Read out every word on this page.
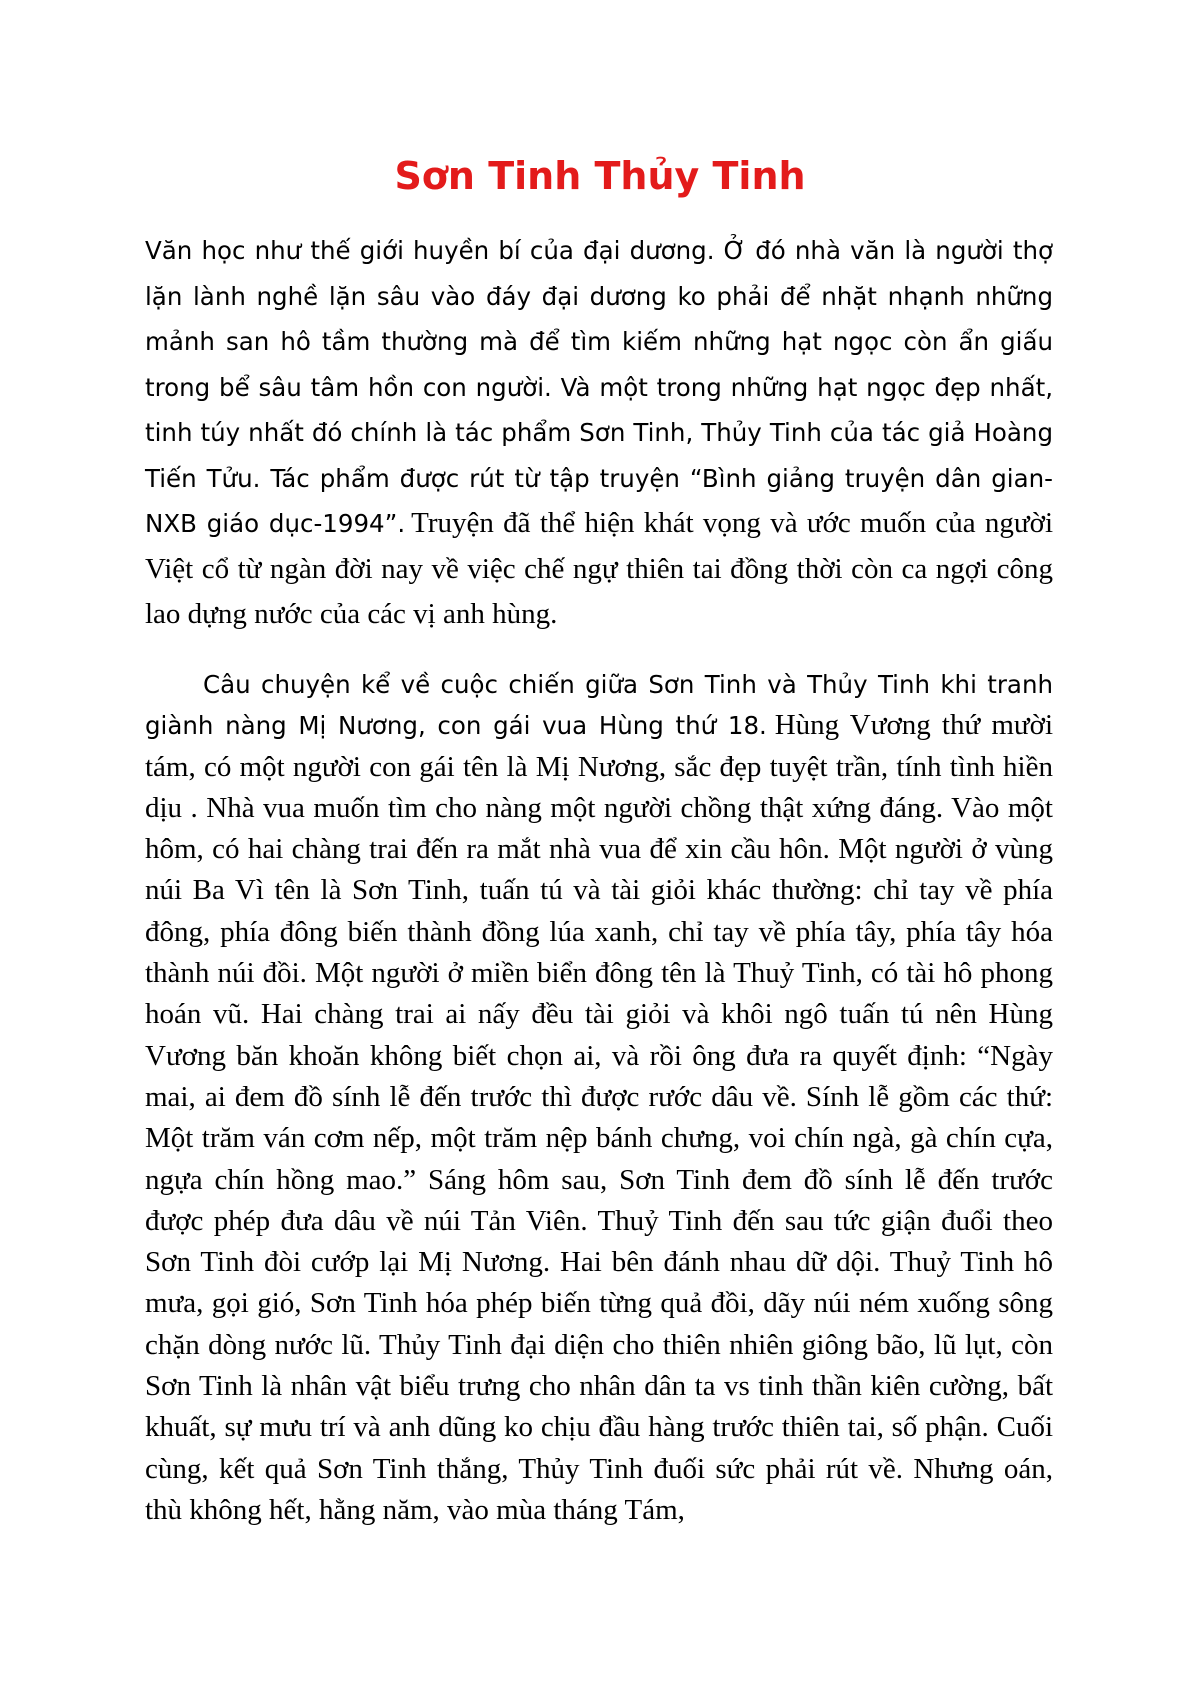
Sơn Tinh Thủy Tinh

Văn học như thế giới huyền bí của đại dương. Ở đó nhà văn là người thợ lặn lành nghề lặn sâu vào đáy đại dương ko phải để nhặt nhạnh những mảnh san hô tầm thường mà để tìm kiếm những hạt ngọc còn ẩn giấu trong bể sâu tâm hồn con người. Và một trong những hạt ngọc đẹp nhất, tinh túy nhất đó chính là tác phẩm Sơn Tinh, Thủy Tinh của tác giả Hoàng Tiến Tửu. Tác phẩm được rút từ tập truyện “Bình giảng truyện dân gian-NXB giáo dục-1994”. Truyện đã thể hiện khát vọng và ước muốn của người Việt cổ từ ngàn đời nay về việc chế ngự thiên tai đồng thời còn ca ngợi công lao dựng nước của các vị anh hùng.

Câu chuyện kể về cuộc chiến giữa Sơn Tinh và Thủy Tinh khi tranh giành nàng Mị Nương, con gái vua Hùng thứ 18. Hùng Vương thứ mười tám, có một người con gái tên là Mị Nương, sắc đẹp tuyệt trần, tính tình hiền dịu . Nhà vua muốn tìm cho nàng một người chồng thật xứng đáng. Vào một hôm, có hai chàng trai đến ra mắt nhà vua để xin cầu hôn. Một người ở vùng núi Ba Vì tên là Sơn Tinh, tuấn tú và tài giỏi khác thường: chỉ tay về phía đông, phía đông biến thành đồng lúa xanh, chỉ tay về phía tây, phía tây hóa thành núi đồi. Một người ở miền biển đông tên là Thuỷ Tinh, có tài hô phong hoán vũ. Hai chàng trai ai nấy đều tài giỏi và khôi ngô tuấn tú nên Hùng Vương băn khoăn không biết chọn ai, và rồi ông đưa ra quyết định: “Ngày mai, ai đem đồ sính lễ đến trước thì được rước dâu về. Sính lễ gồm các thứ: Một trăm ván cơm nếp, một trăm nệp bánh chưng, voi chín ngà, gà chín cựa, ngựa chín hồng mao.” Sáng hôm sau, Sơn Tinh đem đồ sính lễ đến trước được phép đưa dâu về núi Tản Viên. Thuỷ Tinh đến sau tức giận đuổi theo Sơn Tinh đòi cướp lại Mị Nương. Hai bên đánh nhau dữ dội. Thuỷ Tinh hô mưa, gọi gió, Sơn Tinh hóa phép biến từng quả đồi, dãy núi ném xuống sông chặn dòng nước lũ. Thủy Tinh đại diện cho thiên nhiên giông bão, lũ lụt, còn Sơn Tinh là nhân vật biểu trưng cho nhân dân ta vs tinh thần kiên cường, bất khuất, sự mưu trí và anh dũng ko chịu đầu hàng trước thiên tai, số phận. Cuối cùng, kết quả Sơn Tinh thắng, Thủy Tinh đuối sức phải rút về. Nhưng oán, thù không hết, hằng năm, vào mùa tháng Tám,
